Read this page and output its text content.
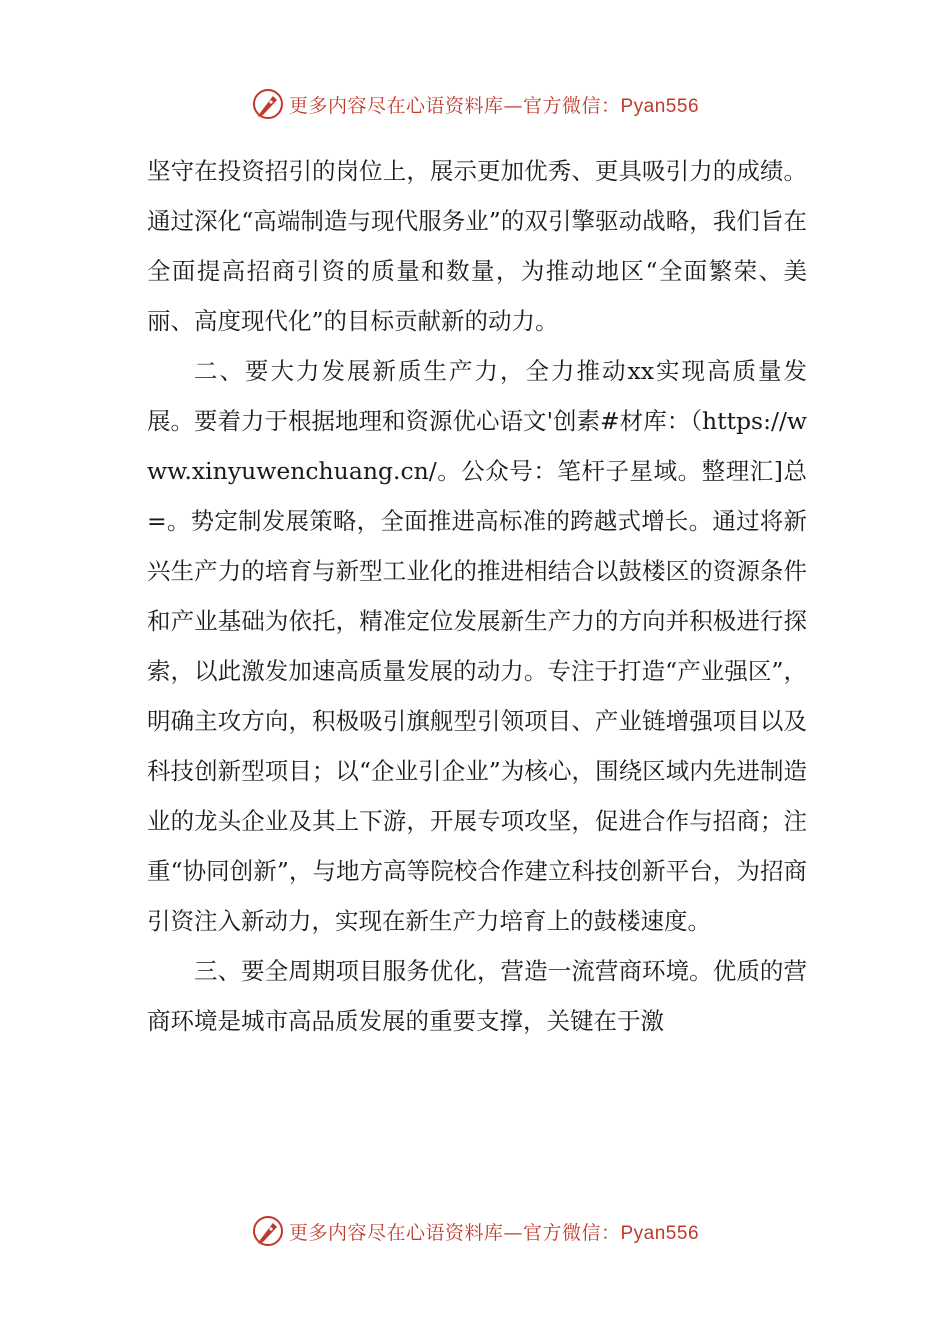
更多内容尽在心语资料库— 官方微信：Pyan556

坚守在投资招引的岗位上，展示更加优秀、更具吸引力的成绩。通过深化“高端制造与现代服务业”的双引擎驱动战略，我们旨在全面提高招商引资的质量和数量，为推动地区“全面繁荣、美丽、高度现代化”的目标贡献新的动力。

二、要大力发展新质生产力，全力推动xx实现高质量发展。要着力于根据地理和资源优心语文'创素#材库：（https://www.xinyuwenchuang.cn/。公众号：笔杆子星域。整理汇]总=。势定制发展策略，全面推进高标准的跨越式增长。通过将新兴生产力的培育与新型工业化的推进相结合以鼓楼区的资源条件和产业基础为依托，精准定位发展新生产力的方向并积极进行探索，以此激发加速高质量发展的动力。专注于打造“产业强区”，明确主攻方向，积极吸引旗舰型引领项目、产业链增强项目以及科技创新型项目；以“企业引企业”为核心，围绕区域内先进制造业的龙头企业及其上下游，开展专项攻坚，促进合作与招商；注重“协同创新”，与地方高等院校合作建立科技创新平台，为招商引资注入新动力，实现在新生产力培育上的鼓楼速度。

三、要全周期项目服务优化，营造一流营商环境。优质的营商环境是城市高品质发展的重要支撑，关键在于激

更多内容尽在心语资料库— 官方微信：Pyan556
